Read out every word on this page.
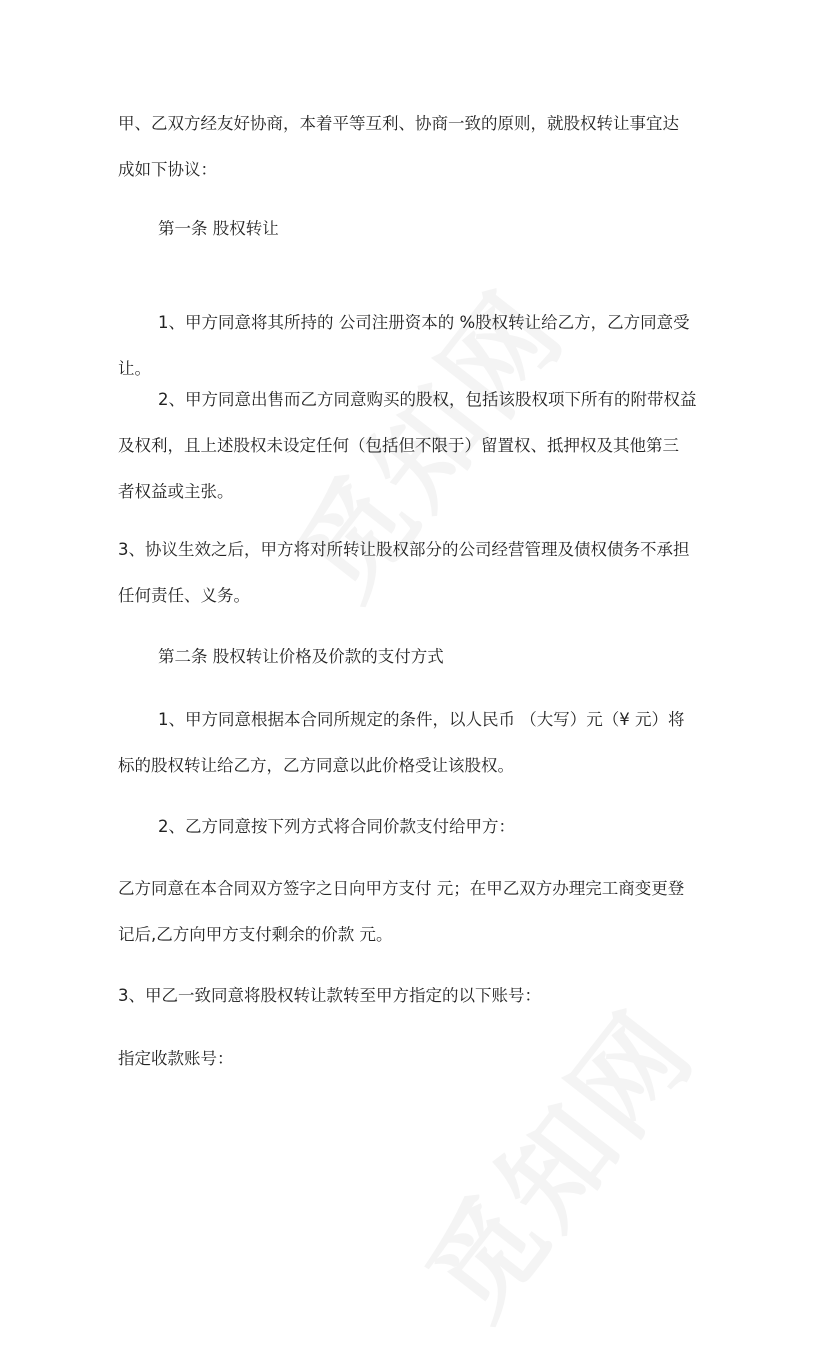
甲、乙双方经友好协商，本着平等互利、协商一致的原则，就股权转让事宜达
成如下协议：
第一条 股权转让
1、甲方同意将其所持的 公司注册资本的 %股权转让给乙方，乙方同意受
让。
2、甲方同意出售而乙方同意购买的股权，包括该股权项下所有的附带权益
及权利，且上述股权未设定任何（包括但不限于）留置权、抵押权及其他第三
者权益或主张。
3、协议生效之后，甲方将对所转让股权部分的公司经营管理及债权债务不承担
任何责任、义务。
第二条 股权转让价格及价款的支付方式
1、甲方同意根据本合同所规定的条件，以人民币 （大写）元（¥ 元）将
标的股权转让给乙方，乙方同意以此价格受让该股权。
2、乙方同意按下列方式将合同价款支付给甲方：
乙方同意在本合同双方签字之日向甲方支付 元；在甲乙双方办理完工商变更登
记后,乙方向甲方支付剩余的价款 元。
3、甲乙一致同意将股权转让款转至甲方指定的以下账号：
指定收款账号：
